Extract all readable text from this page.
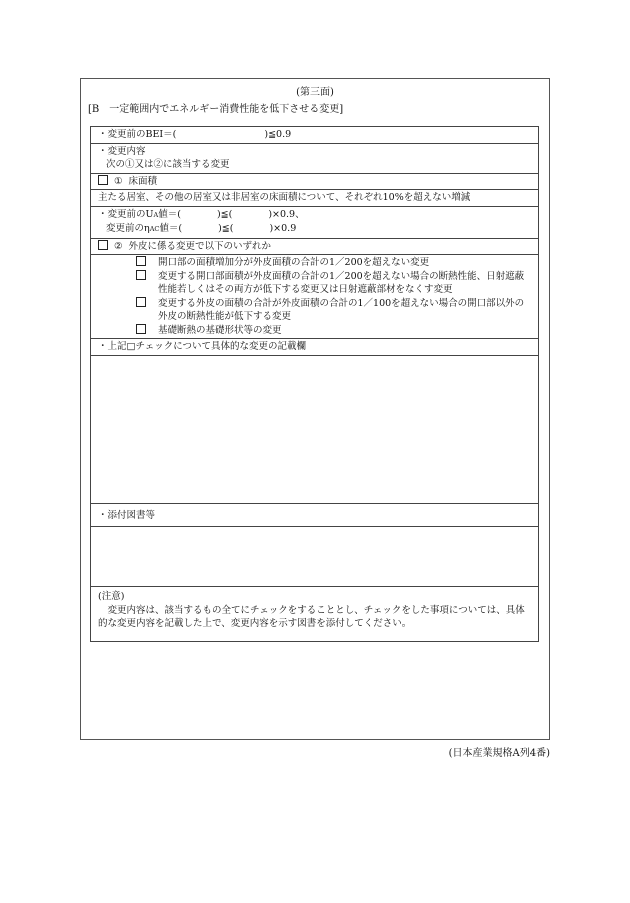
(第三面)
[B　一定範囲内でエネルギー消費性能を低下させる変更]
・変更前のBEI＝(	)≦0.9
・変更内容
次の①又は②に該当する変更
① 床面積
主たる居室、その他の居室又は非居室の床面積について、それぞれ10%を超えない増減
・変更前のUA値＝(	)≦(	)×0.9、
変更前のηAC値＝(	)≦(	)×0.9
② 外皮に係る変更で以下のいずれか
開口部の面積増加分が外皮面積の合計の1／200を超えない変更
変更する開口部面積が外皮面積の合計の1／200を超えない場合の断熱性能、日射遮蔽性能若しくはその両方が低下する変更又は日射遮蔽部材をなくす変更
変更する外皮の面積の合計が外皮面積の合計の1／100を超えない場合の開口部以外の外皮の断熱性能が低下する変更
基礎断熱の基礎形状等の変更
・上記□チェックについて具体的な変更の記載欄
・添付図書等
(注意)
変更内容は、該当するもの全てにチェックをすることとし、チェックをした事項については、具体的な変更内容を記載した上で、変更内容を示す図書を添付してください。
(日本産業規格A列4番)
